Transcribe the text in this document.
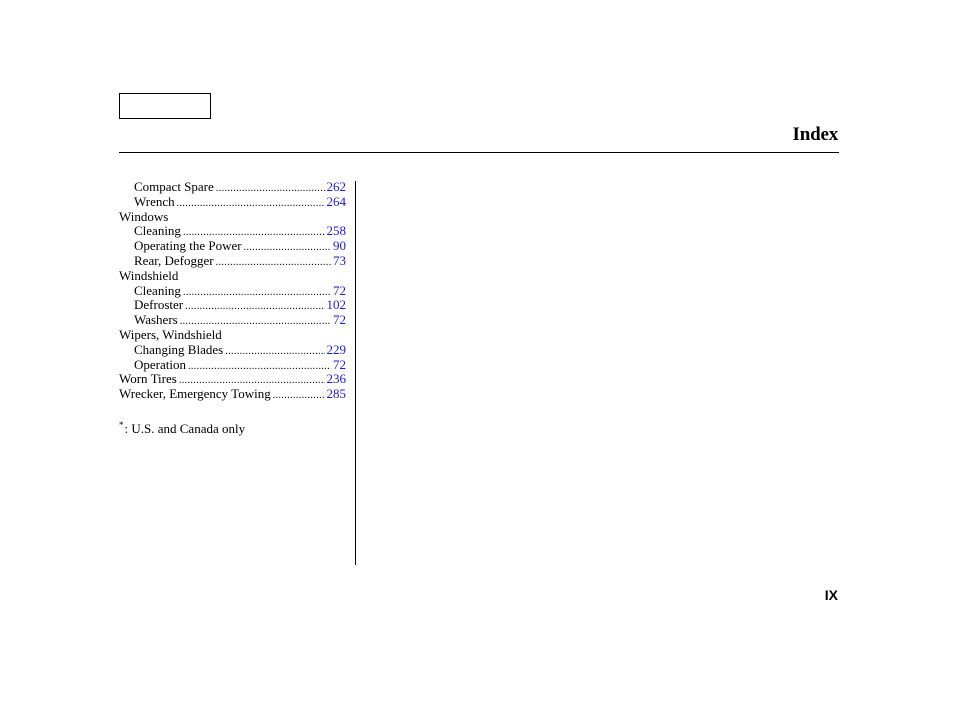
Index
Compact Spare .....	262
Wrench .....	264
Windows
Cleaning .....	258
Operating the Power .....	90
Rear, Defogger .....	73
Windshield
Cleaning .....	72
Defroster .....	102
Washers .....	72
Wipers, Windshield
Changing Blades .....	229
Operation .....	72
Worn Tires .....	236
Wrecker, Emergency Towing .....	285
*: U.S. and Canada only
IX
